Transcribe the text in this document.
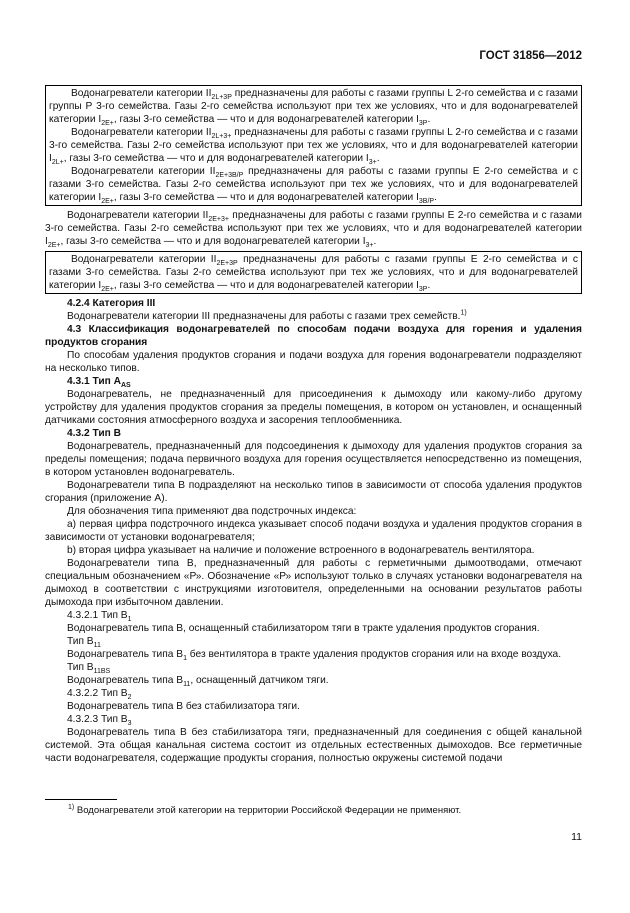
ГОСТ 31856—2012

Водонагреватели категории $II_{2L+3P}$ предназначены для работы с газами группы L 2-го семейства и с газами группы Р 3-го семейства. Газы 2-го семейства используют при тех же условиях, что и для водонагревателей категории $I_{2E+}$, газы 3-го семейства — что и для водонагревателей категории $I_{3P}$.

Водонагреватели категории $II_{2L+3+}$ предназначены для работы с газами группы L 2-го семейства и с газами 3-го семейства. Газы 2-го семейства используют при тех же условиях, что и для водонагревателей категории $I_{2L+}$, газы 3-го семейства — что и для водонагревателей категории $I_{3+}$.

Водонагреватели категории $II_{2E+3B/P}$ предназначены для работы с газами группы Е 2-го семейства и с газами 3-го семейства. Газы 2-го семейства используют при тех же условиях, что и для водонагревателей категории $I_{2E+}$, газы 3-го семейства — что и для водонагревателей категории $I_{3B/P}$.

Водонагреватели категории $II_{2E+3+}$ предназначены для работы с газами группы Е 2-го семейства и с газами 3-го семейства. Газы 2-го семейства используют при тех же условиях, что и для водонагревателей категории $I_{2E+}$, газы 3-го семейства — что и для водонагревателей категории $I_{3+}$.

Водонагреватели категории $II_{2E+3P}$ предназначены для работы с газами группы Е 2-го семейства и с газами 3-го семейства. Газы 2-го семейства используют при тех же условиях, что и для водонагревателей категории $I_{2E+}$, газы 3-го семейства — что и для водонагревателей категории $I_{3P}$.

4.2.4 Категория III

Водонагреватели категории III предназначены для работы с газами трех семейств.$^{1)}$

4.3 Классификация водонагревателей по способам подачи воздуха для горения и удаления продуктов сгорания

По способам удаления продуктов сгорания и подачи воздуха для горения водонагреватели подразделяют на несколько типов.

4.3.1 Тип $А_{AS}$

Водонагреватель, не предназначенный для присоединения к дымоходу или какому-либо другому устройству для удаления продуктов сгорания за пределы помещения, в котором он установлен, и оснащенный датчиками состояния атмосферного воздуха и засорения теплообменника.

4.3.2 Тип В

Водонагреватель, предназначенный для подсоединения к дымоходу для удаления продуктов сгорания за пределы помещения; подача первичного воздуха для горения осуществляется непосредственно из помещения, в котором установлен водонагреватель.

Водонагреватели типа В подразделяют на несколько типов в зависимости от способа удаления продуктов сгорания (приложение А).

Для обозначения типа применяют два подстрочных индекса:

а) первая цифра подстрочного индекса указывает способ подачи воздуха и удаления продуктов сгорания в зависимости от установки водонагревателя;

b) вторая цифра указывает на наличие и положение встроенного в водонагреватель вентилятора.

Водонагреватели типа В, предназначенный для работы с герметичными дымоотводами, отмечают специальным обозначением «Р». Обозначение «Р» используют только в случаях установки водонагревателя на дымоход в соответствии с инструкциями изготовителя, определенными на основании результатов работы дымохода при избыточном давлении.

4.3.2.1 Тип $В_1$

Водонагреватель типа В, оснащенный стабилизатором тяги в тракте удаления продуктов сгорания.

Тип $В_{11}$

Водонагреватель типа $В_1$ без вентилятора в тракте удаления продуктов сгорания или на входе воздуха.

Тип $В_{11BS}$

Водонагреватель типа $В_{11}$, оснащенный датчиком тяги.

4.3.2.2 Тип $В_2$

Водонагреватель типа В без стабилизатора тяги.

4.3.2.3 Тип $В_3$

Водонагреватель типа В без стабилизатора тяги, предназначенный для соединения с общей канальной системой. Эта общая канальная система состоит из отдельных естественных дымоходов. Все герметичные части водонагревателя, содержащие продукты сгорания, полностью окружены системой подачи

$^{1)}$ Водонагреватели этой категории на территории Российской Федерации не применяют.
11
